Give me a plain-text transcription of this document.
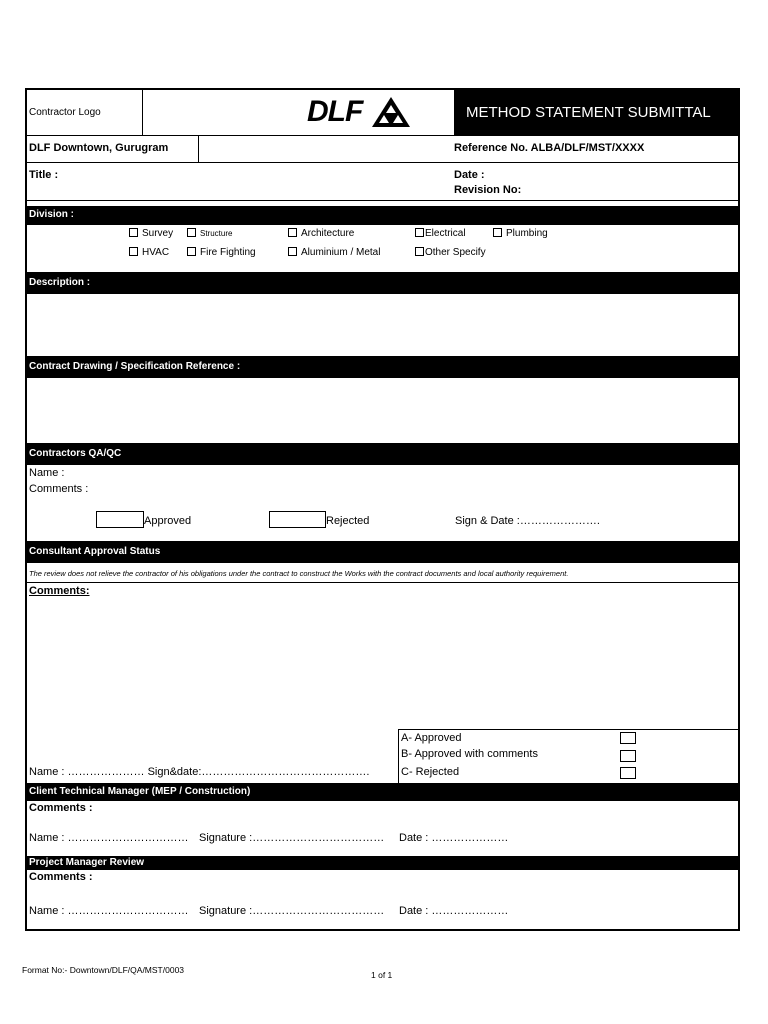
Contractor Logo	DLF	METHOD STATEMENT SUBMITTAL
DLF Downtown, Gurugram	Reference No. ALBA/DLF/MST/XXXX
Title :	Date :
Revision No:
Division :
Survey	Structure	Architecture	Electrical	Plumbing
HVAC	Fire Fighting	Aluminium / Metal	Other Specify
Description :
Contract Drawing / Specification Reference :
Contractors QA/QC
Name :
Comments :
Approved	Rejected	Sign & Date :………………….
Consultant Approval Status
The review does not relieve the contractor of his obligations under the contract to construct the Works with the contract documents and local authority requirement.
Comments:
Name : ………………… Sign&date:……………………………………….
A- Approved
B- Approved with comments
C- Rejected
Client Technical Manager (MEP / Construction)
Comments :
Name : …………………………… Signature :……………………………… Date : …………………
Project Manager Review
Comments :
Name : …………………………… Signature :……………………………… Date : …………………
Format No:- Downtown/DLF/QA/MST/0003	1 of 1
